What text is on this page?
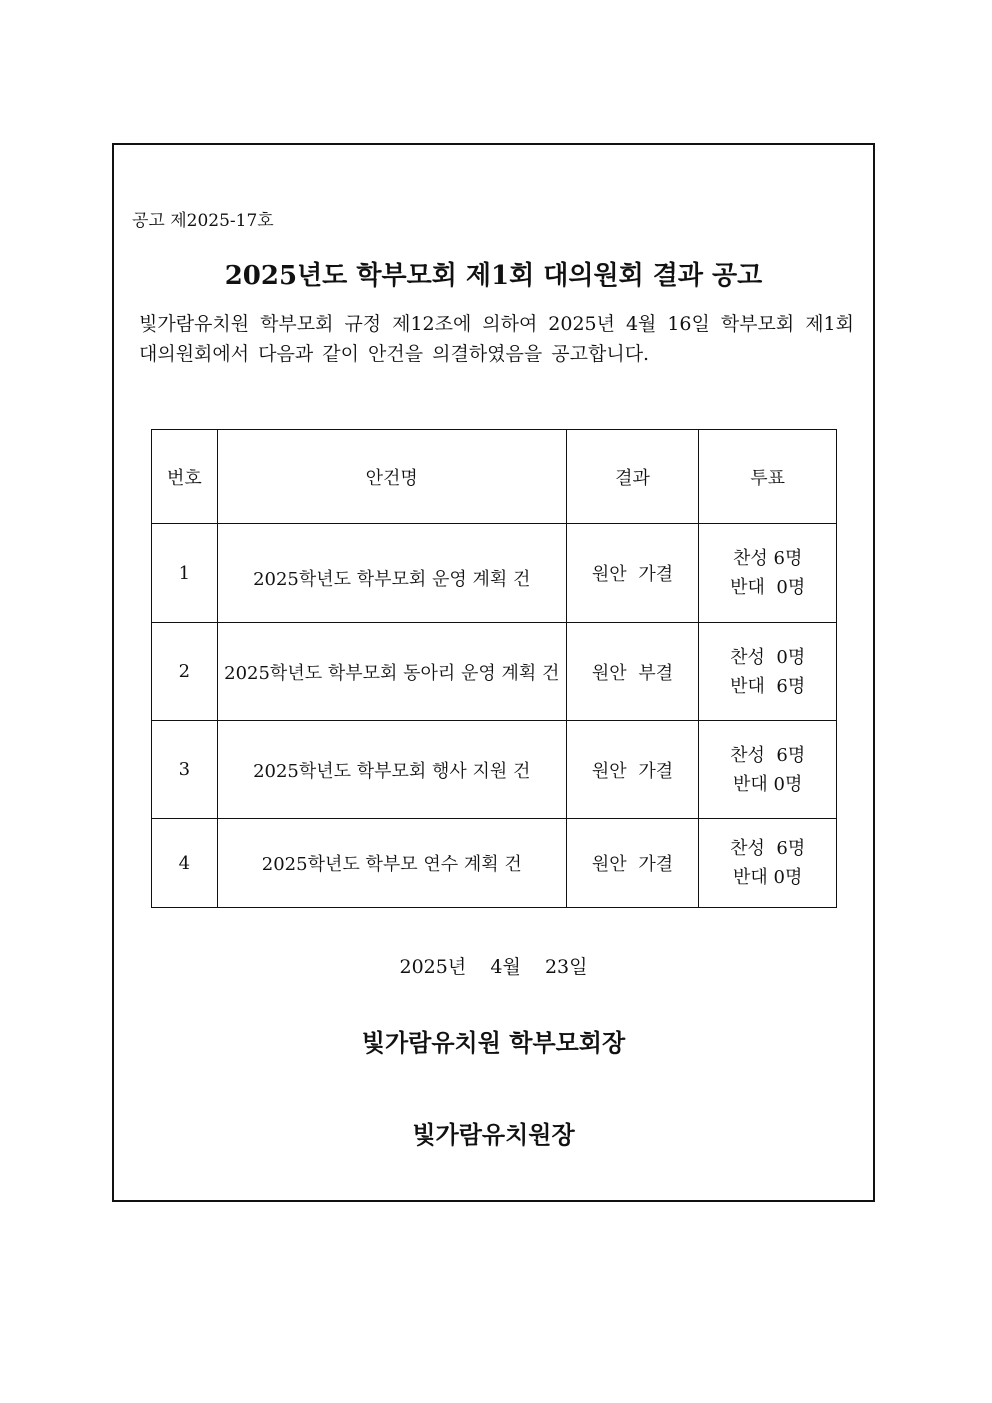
공고 제2025-17호
2025년도 학부모회 제1회 대의원회 결과 공고
빛가람유치원 학부모회 규정 제12조에 의하여 2025년 4월 16일 학부모회 제1회
대의원회에서 다음과 같이 안건을 의결하였음을 공고합니다.
번호	안건명	결과	투표
1	2025학년도 학부모회 운영 계획 건	원안 가결	찬성 6명
반대  0명

2	2025학년도 학부모회 동아리 운영 계획 건	원안 부결	찬성  0명
반대  6명

3	2025학년도 학부모회 행사 지원 건	원안 가결	찬성  6명
반대 0명

4	2025학년도 학부모 연수 계획 건	원안 가결	찬성  6명
반대 0명
2025년    4월    23일
빛가람유치원 학부모회장
빛가람유치원장
